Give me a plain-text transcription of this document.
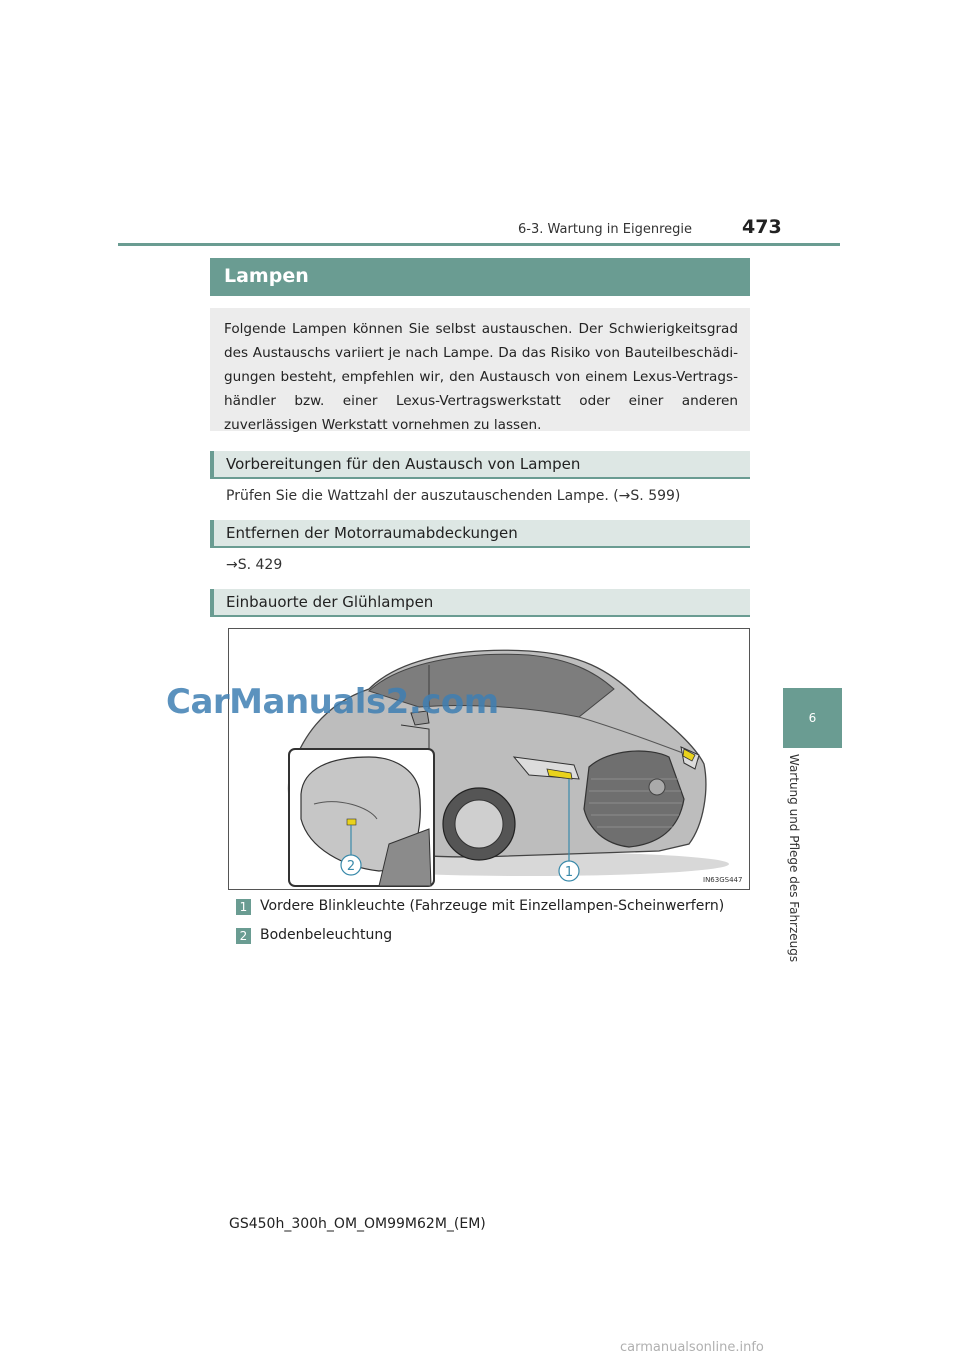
6-3. Wartung in Eigenregie	473
6
Wartung und Pflege des Fahrzeugs
Lampen

Folgende Lampen können Sie selbst austauschen. Der Schwierigkeitsgrad des Austauschs variiert je nach Lampe. Da das Risiko von Bauteilbeschädi-gungen besteht, empfehlen wir, den Austausch von einem Lexus-Vertrags-händler bzw. einer Lexus-Vertragswerkstatt oder einer anderen zuverlässigen Werkstatt vornehmen zu lassen.

Vorbereitungen für den Austausch von Lampen
Prüfen Sie die Wattzahl der auszutauschenden Lampe. (→S. 599)
Entfernen der Motorraumabdeckungen
→S. 429
Einbauorte der Glühlampen
2	1	IN63GS447
CarManuals2.com
1 Vordere Blinkleuchte (Fahrzeuge mit Einzellampen-Scheinwerfern)
2 Bodenbeleuchtung
GS450h_300h_OM_OM99M62M_(EM)
carmanualsonline.info
